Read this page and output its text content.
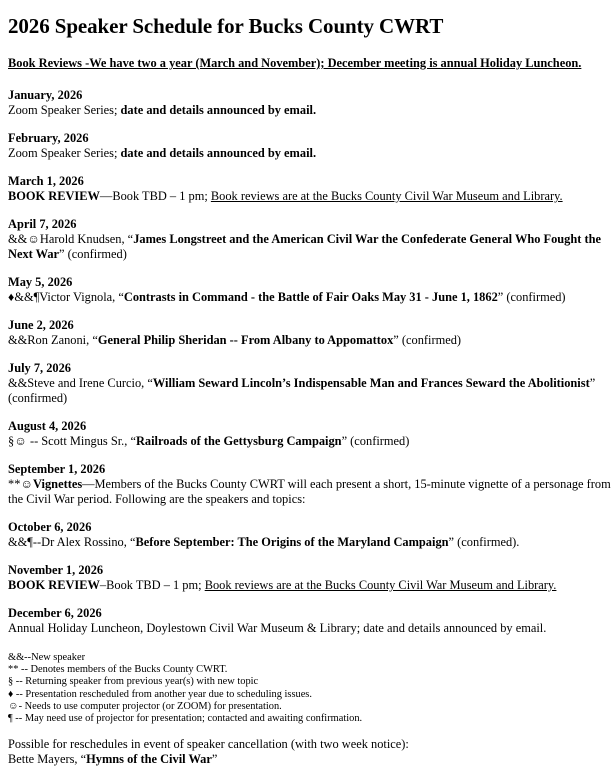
2026 Speaker Schedule for Bucks County CWRT
Book Reviews -We have two a year (March and November); December meeting is annual Holiday Luncheon.
January, 2026
Zoom Speaker Series; date and details announced by email.
February, 2026
Zoom Speaker Series; date and details announced by email.
March 1, 2026
BOOK REVIEW—Book TBD – 1 pm; Book reviews are at the Bucks County Civil War Museum and Library.
April 7, 2026
&&☺Harold Knudsen, “James Longstreet and the American Civil War the Confederate General Who Fought the Next War” (confirmed)
May 5, 2026
♦&&¶Victor Vignola, “Contrasts in Command - the Battle of Fair Oaks May 31 - June 1, 1862” (confirmed)
June 2, 2026
&&Ron Zanoni, “General Philip Sheridan -- From Albany to Appomattox” (confirmed)
July 7, 2026
&&Steve and Irene Curcio, “William Seward Lincoln’s Indispensable Man and Frances Seward the Abolitionist” (confirmed)
August 4, 2026
§☺ -- Scott Mingus Sr., “Railroads of the Gettysburg Campaign” (confirmed)
September 1, 2026
**☺Vignettes—Members of the Bucks County CWRT will each present a short, 15-minute vignette of a personage from the Civil War period. Following are the speakers and topics:
October 6, 2026
&&¶--Dr Alex Rossino, “Before September: The Origins of the Maryland Campaign” (confirmed).
November 1, 2026
BOOK REVIEW–Book TBD – 1 pm; Book reviews are at the Bucks County Civil War Museum and Library.
December 6, 2026
Annual Holiday Luncheon, Doylestown Civil War Museum & Library; date and details announced by email.
&&--New speaker
** -- Denotes members of the Bucks County CWRT.
§ -- Returning speaker from previous year(s) with new topic
♦ -- Presentation rescheduled from another year due to scheduling issues.
☺- Needs to use computer projector (or ZOOM) for presentation.
¶ -- May need use of projector for presentation; contacted and awaiting confirmation.
Possible for reschedules in event of speaker cancellation (with two week notice):
Bette Mayers, “Hymns of the Civil War”
